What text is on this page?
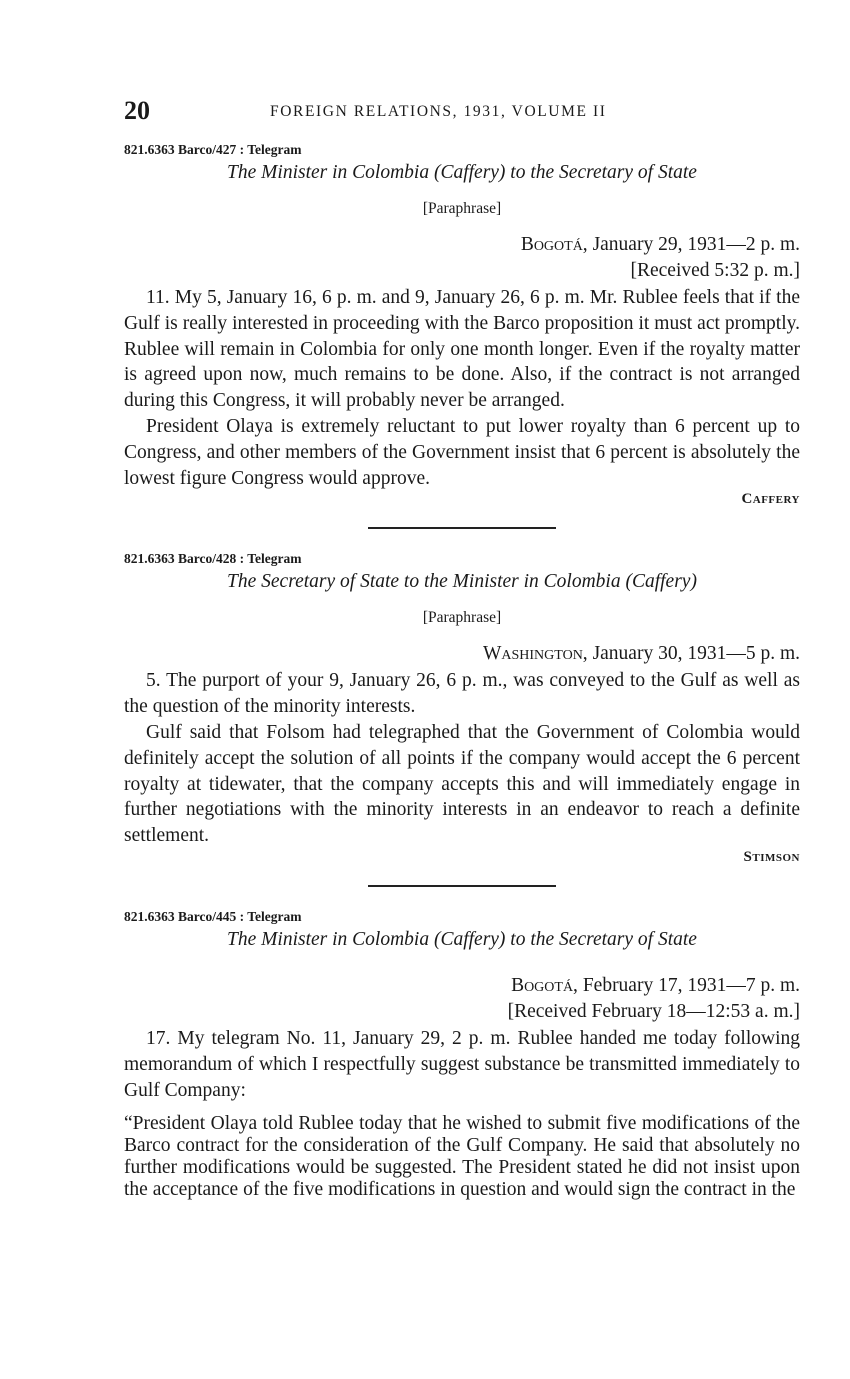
20	FOREIGN RELATIONS, 1931, VOLUME II
821.6363 Barco/427 : Telegram
The Minister in Colombia (Caffery) to the Secretary of State
[Paraphrase]
Bogotá, January 29, 1931—2 p. m.
[Received 5:32 p. m.]

11. My 5, January 16, 6 p. m. and 9, January 26, 6 p. m. Mr. Rublee feels that if the Gulf is really interested in proceeding with the Barco proposition it must act promptly. Rublee will remain in Colombia for only one month longer. Even if the royalty matter is agreed upon now, much remains to be done. Also, if the contract is not arranged during this Congress, it will probably never be arranged.

President Olaya is extremely reluctant to put lower royalty than 6 percent up to Congress, and other members of the Government insist that 6 percent is absolutely the lowest figure Congress would approve.

Caffery
821.6363 Barco/428 : Telegram
The Secretary of State to the Minister in Colombia (Caffery)
[Paraphrase]
Washington, January 30, 1931—5 p. m.

5. The purport of your 9, January 26, 6 p. m., was conveyed to the Gulf as well as the question of the minority interests.

Gulf said that Folsom had telegraphed that the Government of Colombia would definitely accept the solution of all points if the company would accept the 6 percent royalty at tidewater, that the company accepts this and will immediately engage in further negotiations with the minority interests in an endeavor to reach a definite settlement.

Stimson
821.6363 Barco/445 : Telegram
The Minister in Colombia (Caffery) to the Secretary of State
Bogotá, February 17, 1931—7 p. m.
[Received February 18—12:53 a. m.]

17. My telegram No. 11, January 29, 2 p. m. Rublee handed me today following memorandum of which I respectfully suggest substance be transmitted immediately to Gulf Company:

“President Olaya told Rublee today that he wished to submit five modifications of the Barco contract for the consideration of the Gulf Company. He said that absolutely no further modifications would be suggested. The President stated he did not insist upon the acceptance of the five modifications in question and would sign the contract in the
